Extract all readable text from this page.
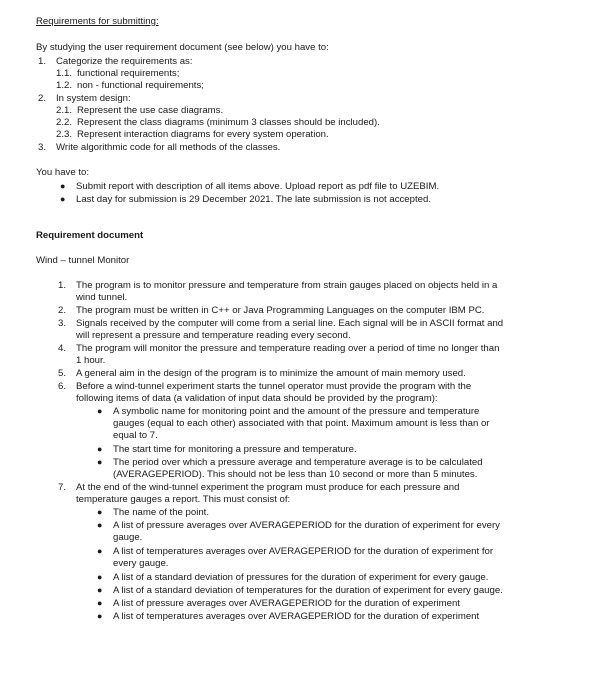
Requirements for submitting:
By studying the user requirement document (see below) you have to:
1. Categorize the requirements as:
1.1. functional requirements;
1.2. non - functional requirements;
2. In system design:
2.1. Represent the use case diagrams.
2.2. Represent the class diagrams (minimum 3 classes should be included).
2.3. Represent interaction diagrams for every system operation.
3. Write algorithmic code for all methods of the classes.
You have to:
● Submit report with description of all items above. Upload report as pdf file to UZEBIM.
● Last day for submission is 29 December 2021. The late submission is not accepted.
Requirement document
Wind – tunnel Monitor
1. The program is to monitor pressure and temperature from strain gauges placed on objects held in a
wind tunnel.
2. The program must be written in C++ or Java Programming Languages on the computer IBM PC.
3. Signals received by the computer will come from a serial line. Each signal will be in ASCII format and
will represent a pressure and temperature reading every second.
4. The program will monitor the pressure and temperature reading over a period of time no longer than
1 hour.
5. A general aim in the design of the program is to minimize the amount of main memory used.
6. Before a wind-tunnel experiment starts the tunnel operator must provide the program with the
following items of data (a validation of input data should be provided by the program):
● A symbolic name for monitoring point and the amount of the pressure and temperature
gauges (equal to each other) associated with that point. Maximum amount is less than or
equal to 7.
● The start time for monitoring a pressure and temperature.
● The period over which a pressure average and temperature average is to be calculated
(AVERAGEPERIOD). This should not be less than 10 second or more than 5 minutes.
7. At the end of the wind-tunnel experiment the program must produce for each pressure and
temperature gauges a report. This must consist of:
● The name of the point.
● A list of pressure averages over AVERAGEPERIOD for the duration of experiment for every
gauge.
● A list of temperatures averages over AVERAGEPERIOD for the duration of experiment for
every gauge.
● A list of a standard deviation of pressures for the duration of experiment for every gauge.
● A list of a standard deviation of temperatures for the duration of experiment for every gauge.
● A list of pressure averages over AVERAGEPERIOD for the duration of experiment
● A list of temperatures averages over AVERAGEPERIOD for the duration of experiment
